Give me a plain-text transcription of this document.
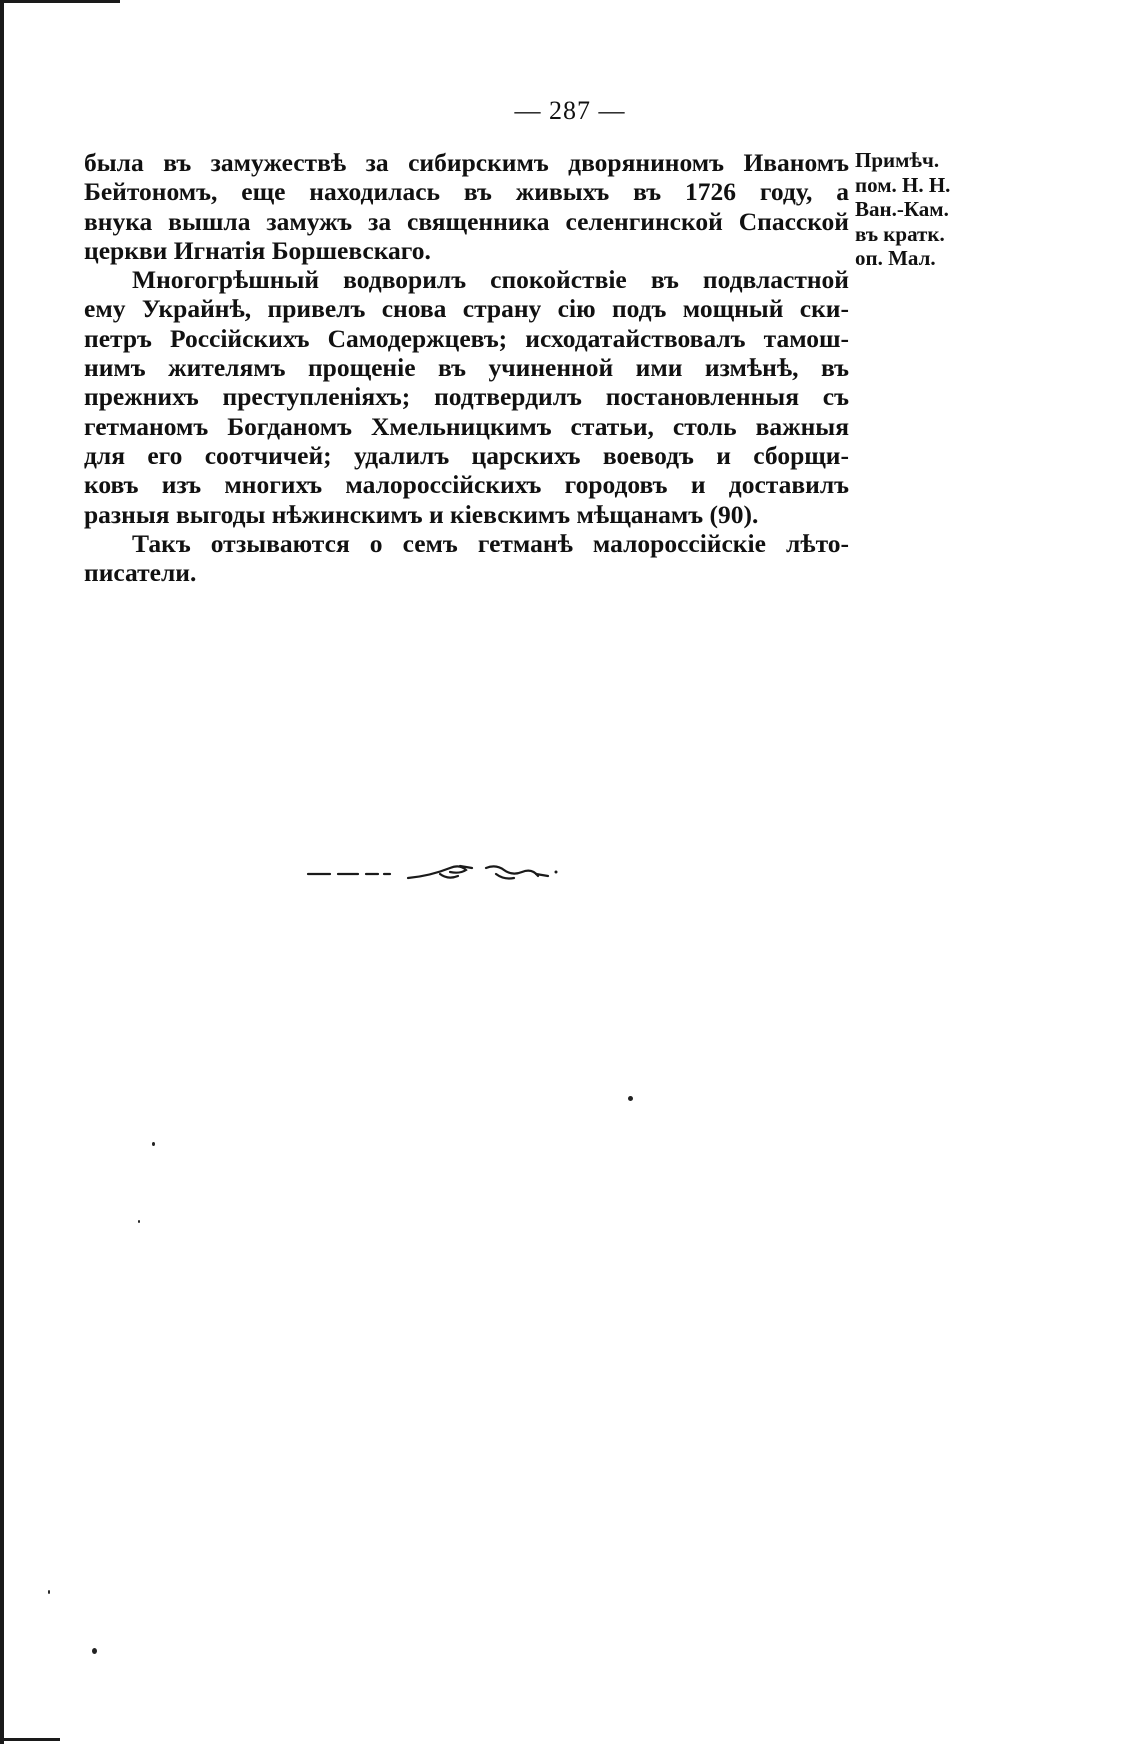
— 287 —
была въ замужествѣ за сибирскимъ дворяниномъ Иваномъ
Бейтономъ, еще находилась въ живыхъ въ 1726 году, а
внука вышла замужъ за священника селенгинской Спасской
церкви Игнатія Боршевскаго.
Многогрѣшный водворилъ спокойствіе въ подвластной
ему Украйнѣ, привелъ снова страну сію подъ мощный ски-
петръ Россійскихъ Самодержцевъ; исходатайствовалъ тамош-
нимъ жителямъ прощеніе въ учиненной ими измѣнѣ, въ
прежнихъ преступленіяхъ; подтвердилъ постановленныя съ
гетманомъ Богданомъ Хмельницкимъ статьи, столь важныя
для его соотчичей; удалилъ царскихъ воеводъ и сборщи-
ковъ изъ многихъ малороссійскихъ городовъ и доставилъ
разныя выгоды нѣжинскимъ и кіевскимъ мѣщанамъ (90).
Такъ отзываются о семъ гетманѣ малороссійскіе лѣто-
писатели.
Примѣч.
пом. Н. Н.
Ван.-Кам.
въ кратк.
оп. Мал.
